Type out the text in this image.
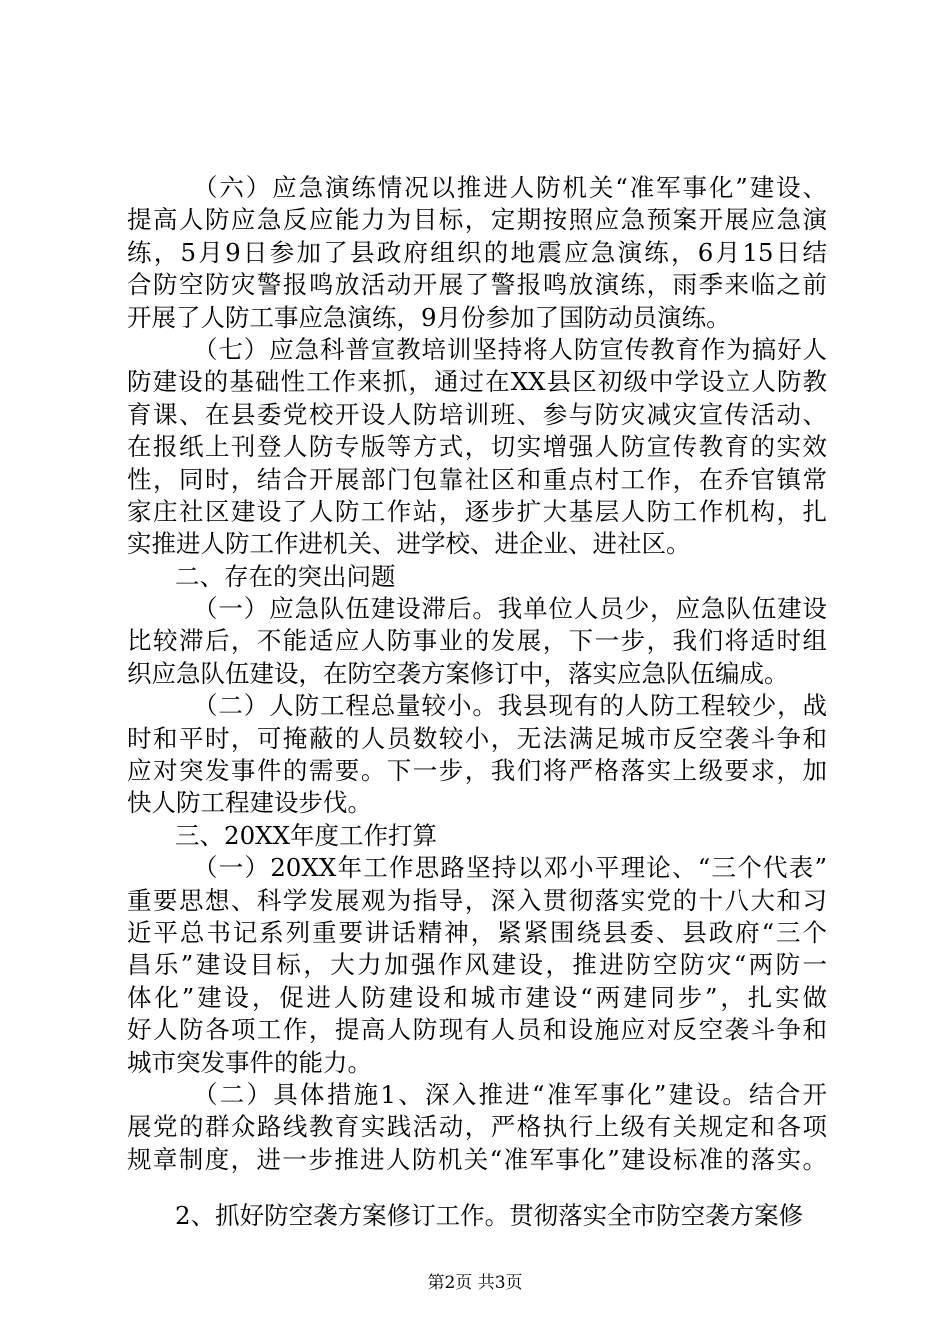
（六）应急演练情况以推进人防机关“准军事化”建设、
提高人防应急反应能力为目标，定期按照应急预案开展应急演
练，5月9日参加了县政府组织的地震应急演练，6月15日结
合防空防灾警报鸣放活动开展了警报鸣放演练，雨季来临之前
开展了人防工事应急演练，9月份参加了国防动员演练。
（七）应急科普宣教培训坚持将人防宣传教育作为搞好人
防建设的基础性工作来抓，通过在XX县区初级中学设立人防教
育课、在县委党校开设人防培训班、参与防灾减灾宣传活动、
在报纸上刊登人防专版等方式，切实增强人防宣传教育的实效
性，同时，结合开展部门包靠社区和重点村工作，在乔官镇常
家庄社区建设了人防工作站，逐步扩大基层人防工作机构，扎
实推进人防工作进机关、进学校、进企业、进社区。
二、存在的突出问题
（一）应急队伍建设滞后。我单位人员少，应急队伍建设
比较滞后，不能适应人防事业的发展，下一步，我们将适时组
织应急队伍建设，在防空袭方案修订中，落实应急队伍编成。
（二）人防工程总量较小。我县现有的人防工程较少，战
时和平时，可掩蔽的人员数较小，无法满足城市反空袭斗争和
应对突发事件的需要。下一步，我们将严格落实上级要求，加
快人防工程建设步伐。
三、20XX年度工作打算
（一）20XX年工作思路坚持以邓小平理论、“三个代表”
重要思想、科学发展观为指导，深入贯彻落实党的十八大和习
近平总书记系列重要讲话精神，紧紧围绕县委、县政府“三个
昌乐”建设目标，大力加强作风建设，推进防空防灾“两防一
体化”建设，促进人防建设和城市建设“两建同步”，扎实做
好人防各项工作，提高人防现有人员和设施应对反空袭斗争和
城市突发事件的能力。
（二）具体措施1、深入推进“准军事化”建设。结合开
展党的群众路线教育实践活动，严格执行上级有关规定和各项
规章制度，进一步推进人防机关“准军事化”建设标准的落实。
2、抓好防空袭方案修订工作。贯彻落实全市防空袭方案修
第2页 共3页
